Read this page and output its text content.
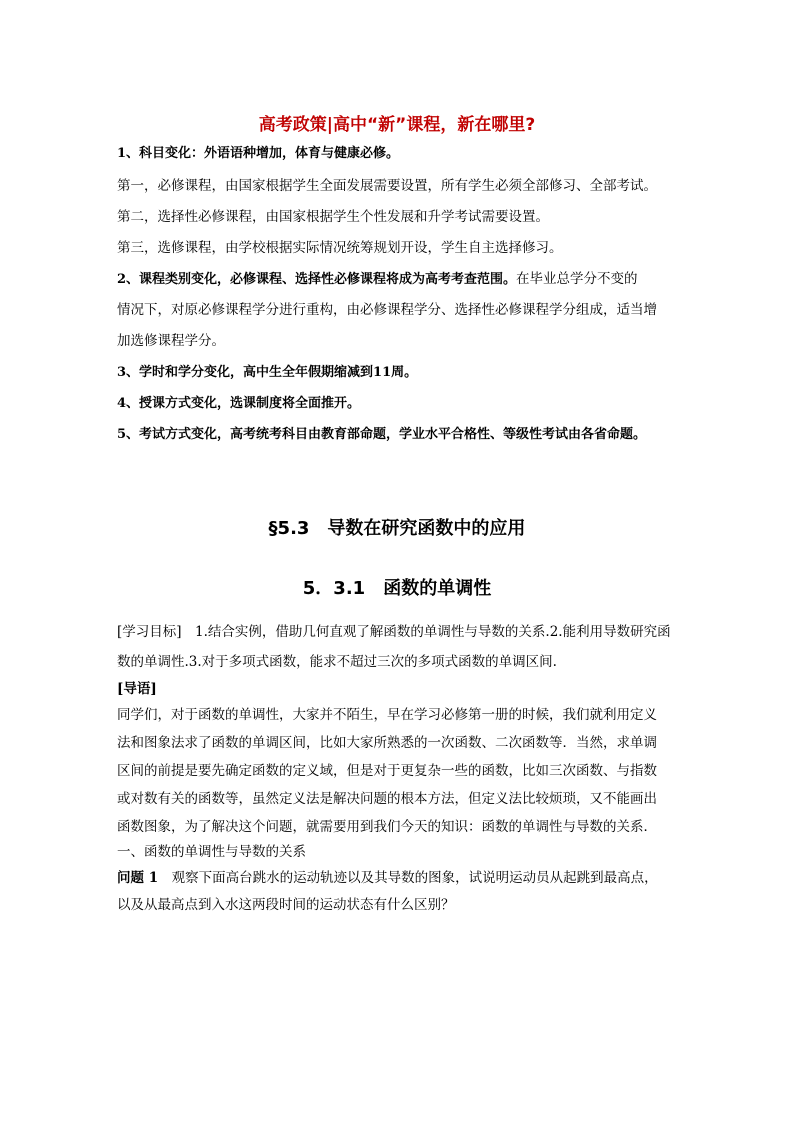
高考政策|高中“新”课程，新在哪里?
1、科目变化：外语语种增加，体育与健康必修。
第一，必修课程，由国家根据学生全面发展需要设置，所有学生必须全部修习、全部考试。
第二，选择性必修课程，由国家根据学生个性发展和升学考试需要设置。
第三，选修课程，由学校根据实际情况统筹规划开设，学生自主选择修习。
2、课程类别变化，必修课程、选择性必修课程将成为高考考查范围。在毕业总学分不变的
情况下，对原必修课程学分进行重构，由必修课程学分、选择性必修课程学分组成，适当增
加选修课程学分。
3、学时和学分变化，高中生全年假期缩减到11周。
4、授课方式变化，选课制度将全面推开。
5、考试方式变化，高考统考科目由教育部命题，学业水平合格性、等级性考试由各省命题。
§5.3　导数在研究函数中的应用
5．3.1　函数的单调性
[学习目标]　1.结合实例，借助几何直观了解函数的单调性与导数的关系.2.能利用导数研究函
数的单调性.3.对于多项式函数，能求不超过三次的多项式函数的单调区间.
[导语]
同学们，对于函数的单调性，大家并不陌生，早在学习必修第一册的时候，我们就利用定义
法和图象法求了函数的单调区间，比如大家所熟悉的一次函数、二次函数等．当然，求单调
区间的前提是要先确定函数的定义域，但是对于更复杂一些的函数，比如三次函数、与指数
或对数有关的函数等，虽然定义法是解决问题的根本方法，但定义法比较烦琐，又不能画出
函数图象，为了解决这个问题，就需要用到我们今天的知识：函数的单调性与导数的关系．
一、函数的单调性与导数的关系
问题 1　观察下面高台跳水的运动轨迹以及其导数的图象，试说明运动员从起跳到最高点，
以及从最高点到入水这两段时间的运动状态有什么区别？
